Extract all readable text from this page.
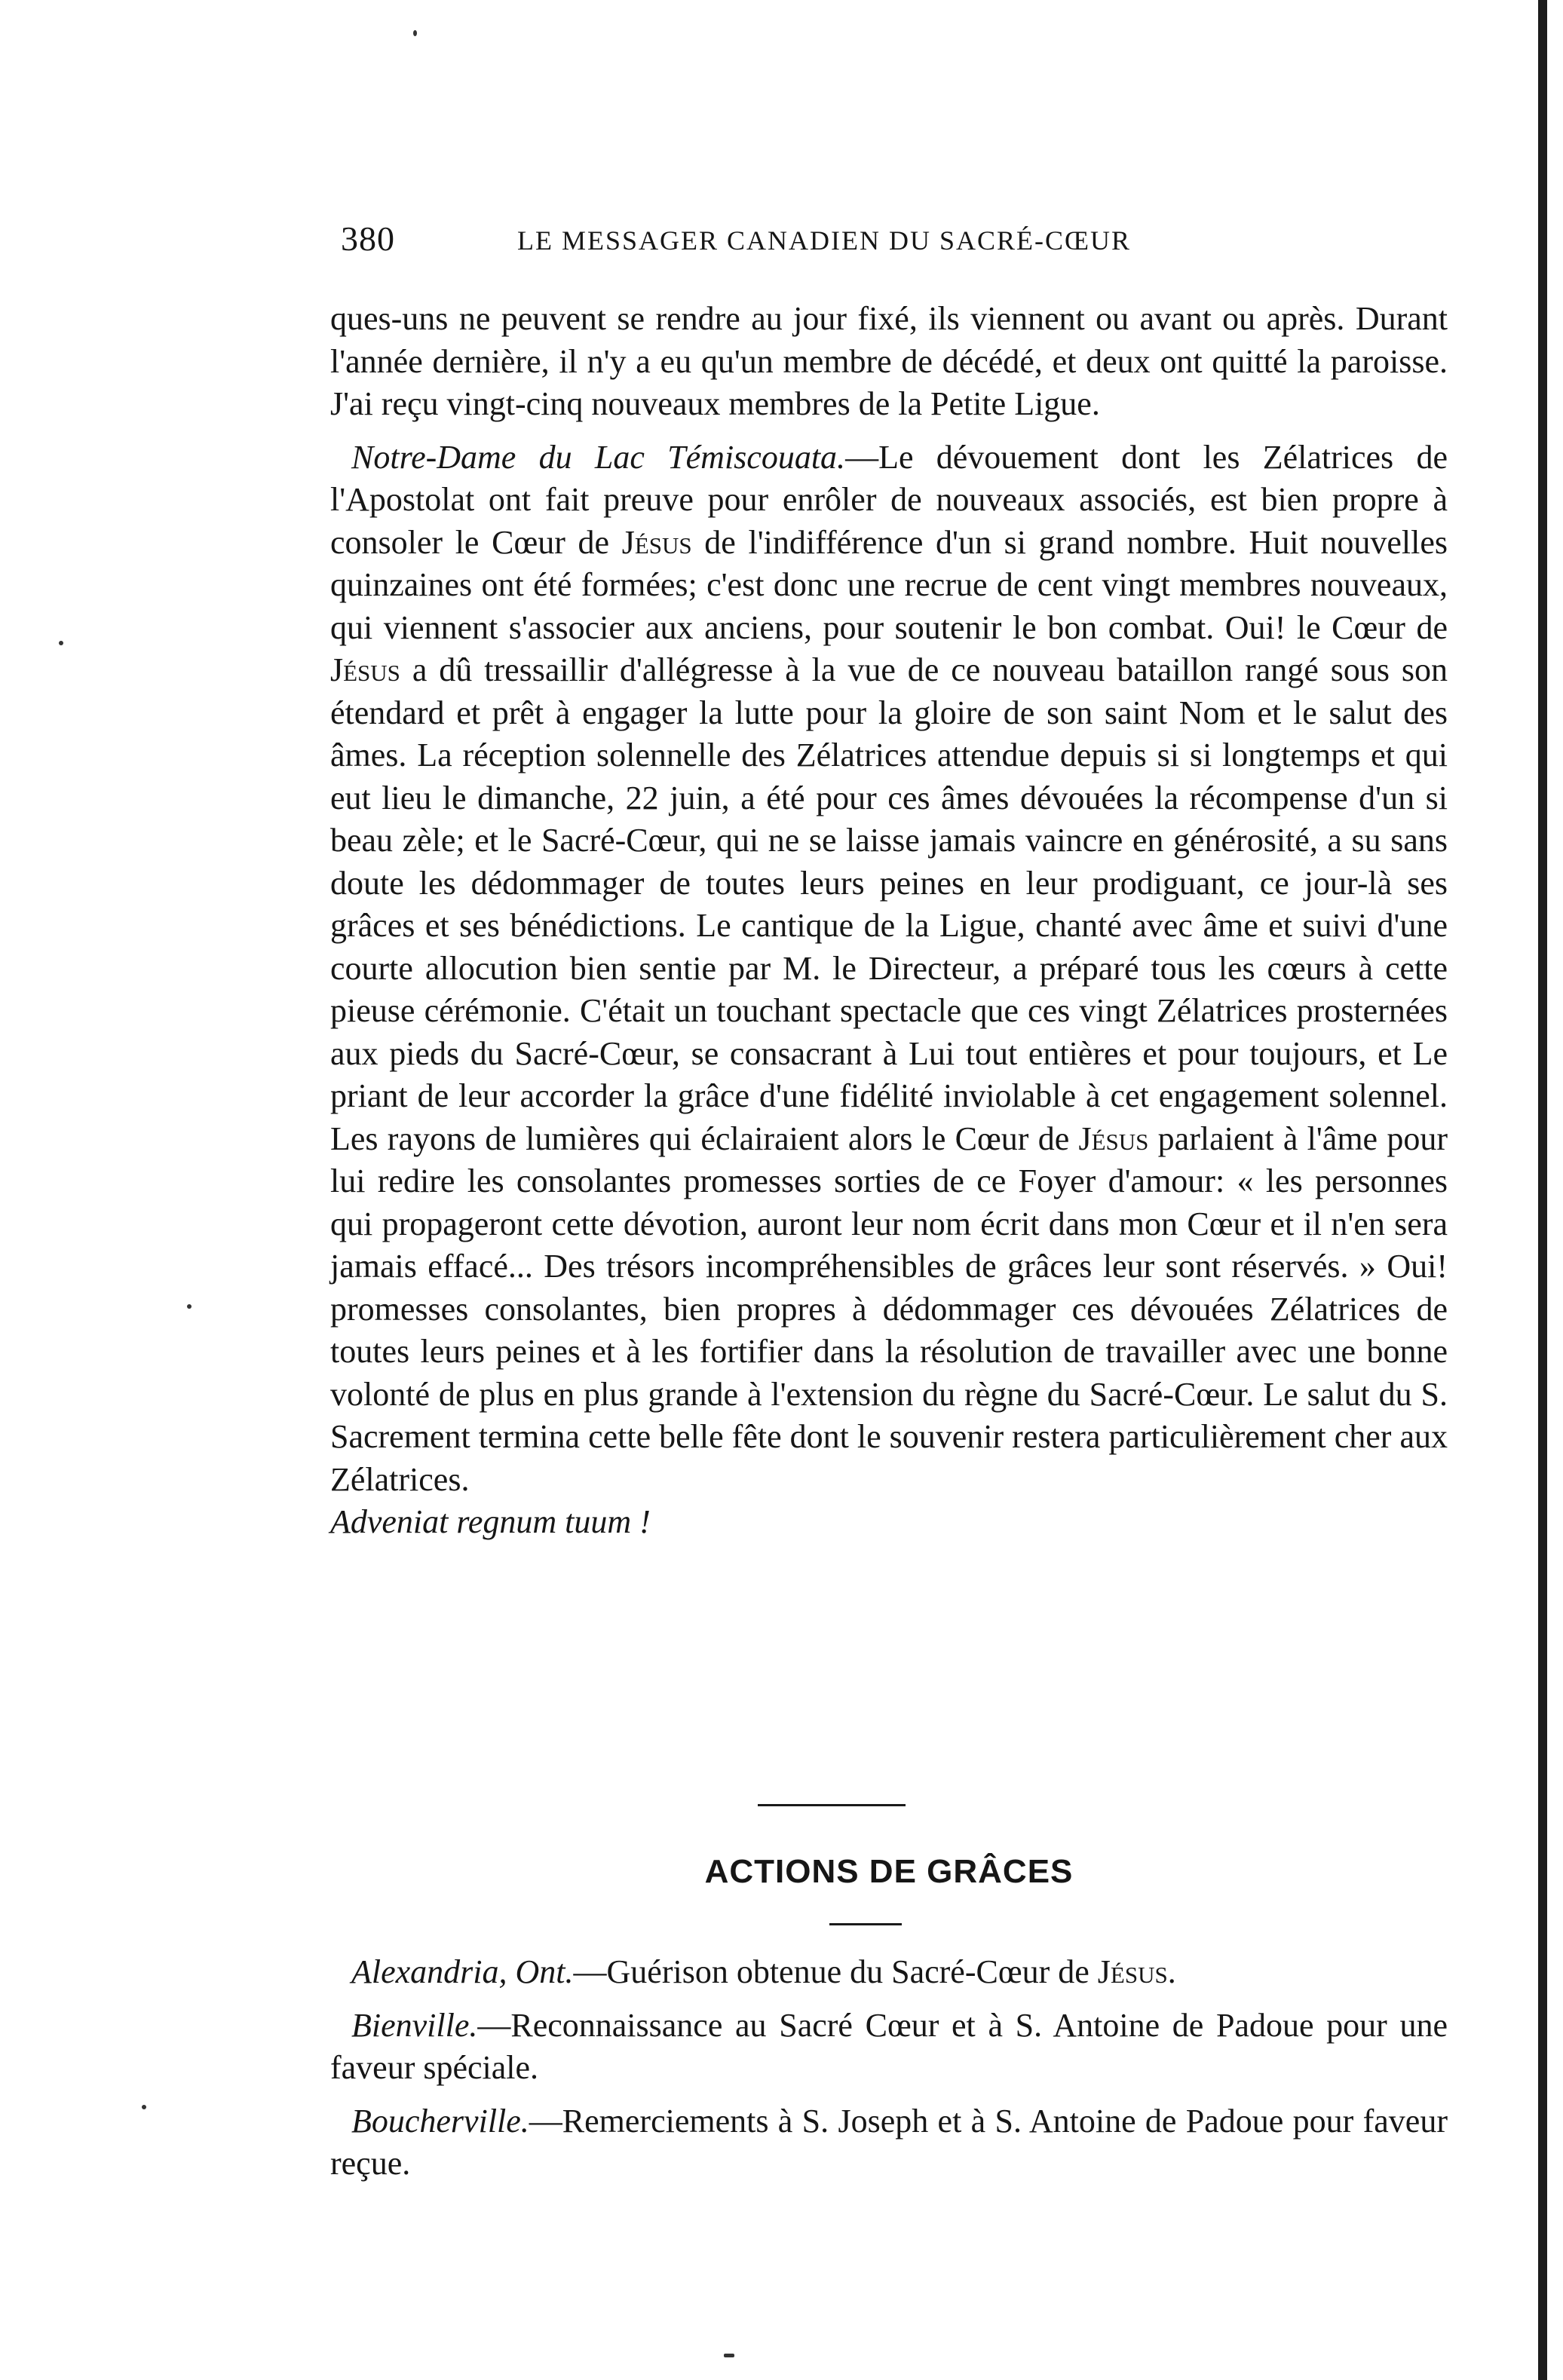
380	LE MESSAGER CANADIEN DU SACRÉ-CŒUR

ques-uns ne peuvent se rendre au jour fixé, ils viennent ou avant ou après. Durant l'année dernière, il n'y a eu qu'un membre de décédé, et deux ont quitté la paroisse. J'ai reçu vingt-cinq nouveaux membres de la Petite Ligue.

Notre-Dame du Lac Témiscouata.—Le dévouement dont les Zélatrices de l'Apostolat ont fait preuve pour enrôler de nouveaux associés, est bien propre à consoler le Cœur de Jésus de l'indifférence d'un si grand nombre. Huit nouvelles quinzaines ont été formées; c'est donc une recrue de cent vingt membres nouveaux, qui viennent s'associer aux anciens, pour soutenir le bon combat. Oui! le Cœur de Jésus a dû tressaillir d'allégresse à la vue de ce nouveau bataillon rangé sous son étendard et prêt à engager la lutte pour la gloire de son saint Nom et le salut des âmes. La réception solennelle des Zélatrices attendue depuis si si longtemps et qui eut lieu le dimanche, 22 juin, a été pour ces âmes dévouées la récompense d'un si beau zèle; et le Sacré-Cœur, qui ne se laisse jamais vaincre en générosité, a su sans doute les dédommager de toutes leurs peines en leur prodiguant, ce jour-là ses grâces et ses bénédictions. Le cantique de la Ligue, chanté avec âme et suivi d'une courte allocution bien sentie par M. le Directeur, a préparé tous les cœurs à cette pieuse cérémonie. C'était un touchant spectacle que ces vingt Zélatrices prosternées aux pieds du Sacré-Cœur, se consacrant à Lui tout entières et pour toujours, et Le priant de leur accorder la grâce d'une fidélité inviolable à cet engagement solennel. Les rayons de lumières qui éclairaient alors le Cœur de Jésus parlaient à l'âme pour lui redire les consolantes promesses sorties de ce Foyer d'amour: « les personnes qui propageront cette dévotion, auront leur nom écrit dans mon Cœur et il n'en sera jamais effacé... Des trésors incompréhensibles de grâces leur sont réservés. » Oui! promesses consolantes, bien propres à dédommager ces dévouées Zélatrices de toutes leurs peines et à les fortifier dans la résolution de travailler avec une bonne volonté de plus en plus grande à l'extension du règne du Sacré-Cœur. Le salut du S. Sacrement termina cette belle fête dont le souvenir restera particulièrement cher aux Zélatrices.
Adveniat regnum tuum !

ACTIONS DE GRÂCES

Alexandria, Ont.—Guérison obtenue du Sacré-Cœur de Jésus.

Bienville.—Reconnaissance au Sacré Cœur et à S. Antoine de Padoue pour une faveur spéciale.

Boucherville.—Remerciements à S. Joseph et à S. Antoine de Padoue pour faveur reçue.
